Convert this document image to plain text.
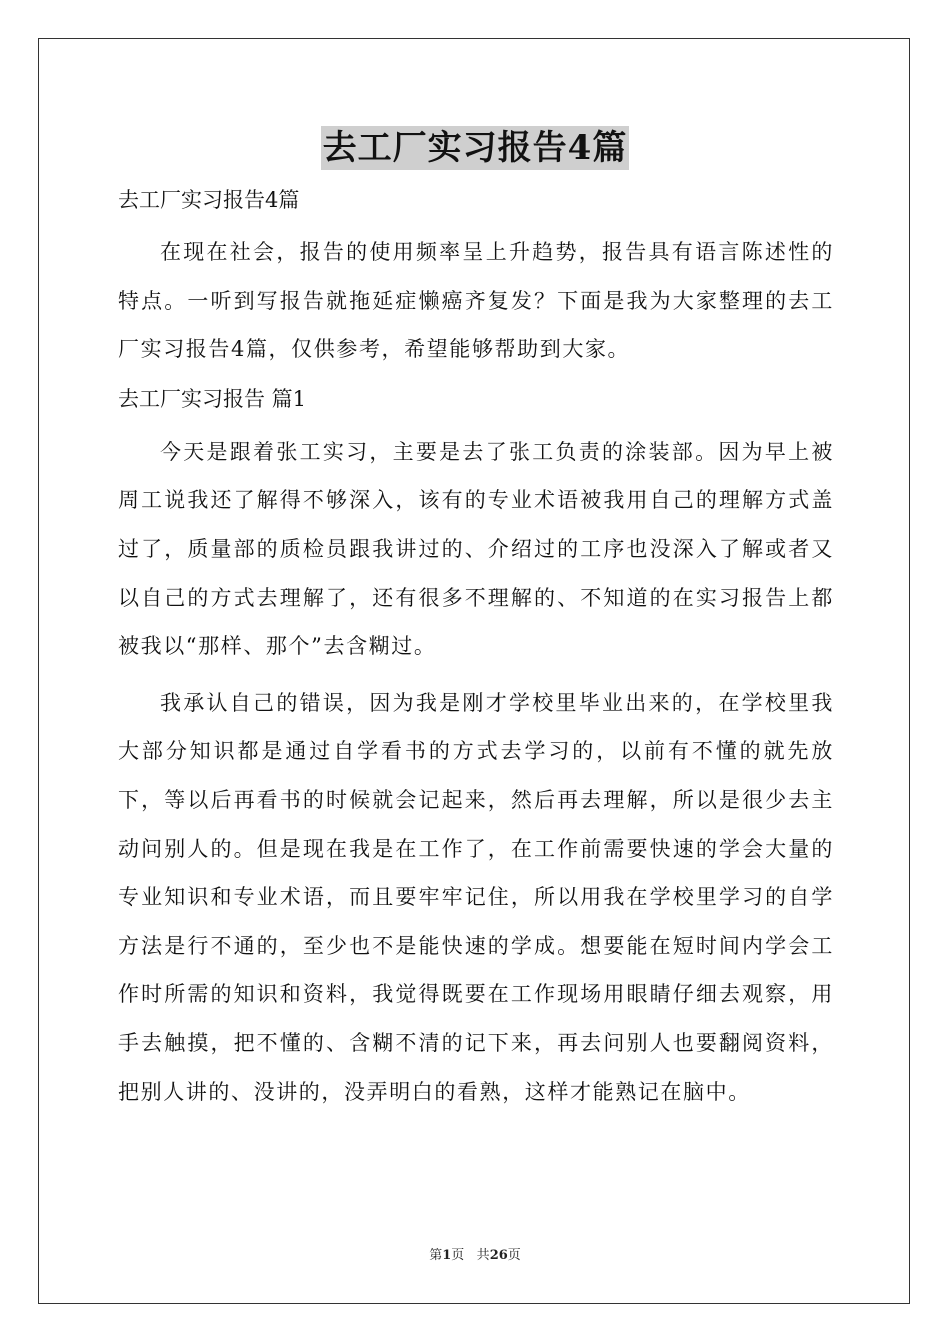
去工厂实习报告4篇
去工厂实习报告4篇

在现在社会，报告的使用频率呈上升趋势，报告具有语言陈述性的特点。一听到写报告就拖延症懒癌齐复发？下面是我为大家整理的去工厂实习报告4篇，仅供参考，希望能够帮助到大家。

去工厂实习报告 篇1

今天是跟着张工实习，主要是去了张工负责的涂装部。因为早上被周工说我还了解得不够深入，该有的专业术语被我用自己的理解方式盖过了，质量部的质检员跟我讲过的、介绍过的工序也没深入了解或者又以自己的方式去理解了，还有很多不理解的、不知道的在实习报告上都被我以“那样、那个”去含糊过。

我承认自己的错误，因为我是刚才学校里毕业出来的，在学校里我大部分知识都是通过自学看书的方式去学习的，以前有不懂的就先放下，等以后再看书的时候就会记起来，然后再去理解，所以是很少去主动问别人的。但是现在我是在工作了，在工作前需要快速的学会大量的专业知识和专业术语，而且要牢牢记住，所以用我在学校里学习的自学方法是行不通的，至少也不是能快速的学成。想要能在短时间内学会工作时所需的知识和资料，我觉得既要在工作现场用眼睛仔细去观察，用手去触摸，把不懂的、含糊不清的记下来，再去问别人也要翻阅资料，把别人讲的、没讲的，没弄明白的看熟，这样才能熟记在脑中。

第1页 共26页
